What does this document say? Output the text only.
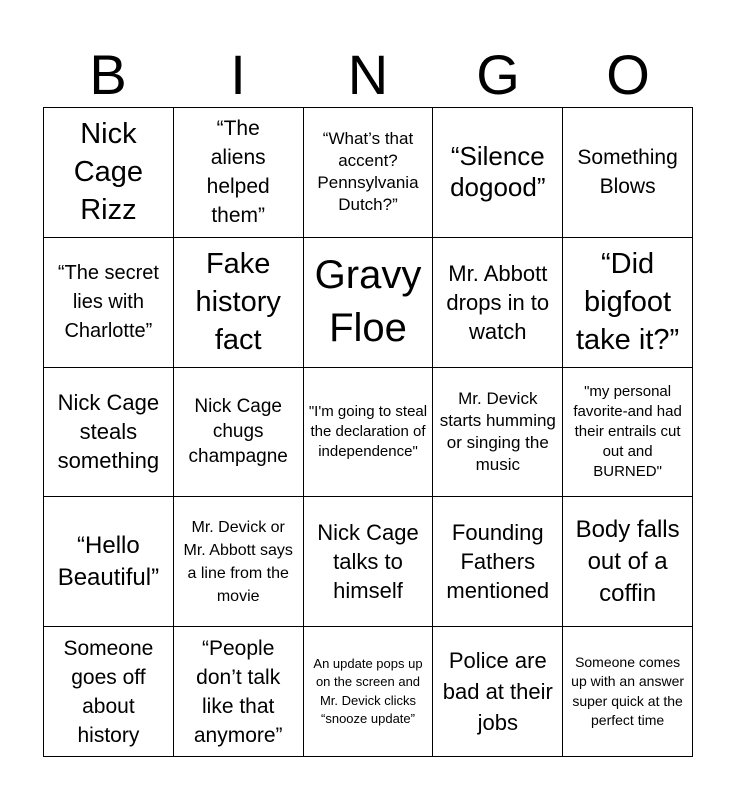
B	I	N	G	O
Nick Cage Rizz
“The aliens helped them”
“What’s that accent? Pennsylvania Dutch?”
“Silence dogood”
Something Blows
“The secret lies with Charlotte”
Fake history fact
Gravy Floe
Mr. Abbott drops in to watch
“Did bigfoot take it?”
Nick Cage steals something
Nick Cage chugs champagne
"I'm going to steal the declaration of independence"
Mr. Devick starts humming or singing the music
"my personal favorite-and had their entrails cut out and BURNED"
“Hello Beautiful”
Mr. Devick or Mr. Abbott says a line from the movie
Nick Cage talks to himself
Founding Fathers mentioned
Body falls out of a coffin
Someone goes off about history
“People don’t talk like that anymore”
An update pops up on the screen and Mr. Devick clicks “snooze update”
Police are bad at their jobs
Someone comes up with an answer super quick at the perfect time
